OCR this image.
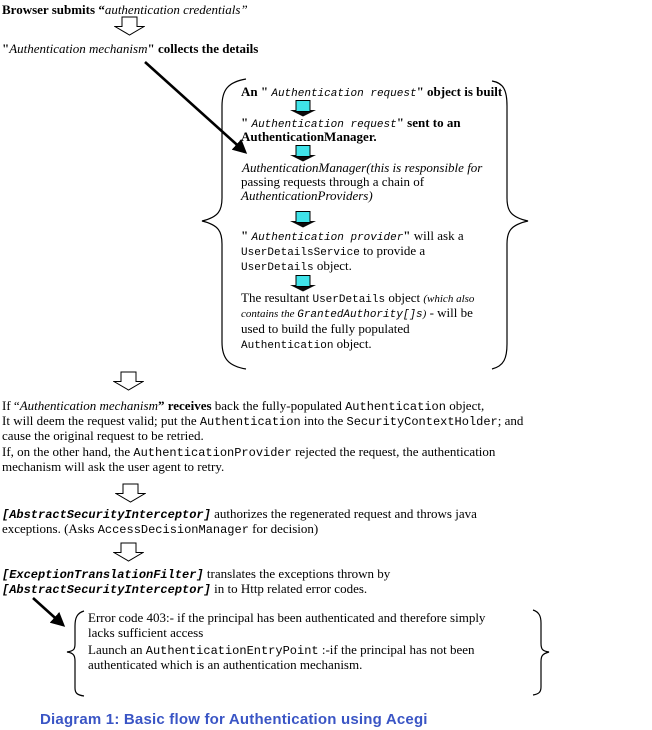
Browser submits “authentication credentials”
"Authentication mechanism" collects the details
An " Authentication request" object is built
" Authentication request" sent to an
AuthenticationManager.
AuthenticationManager(this is responsible for
passing requests through a chain of
AuthenticationProviders)
" Authentication provider" will ask a
UserDetailsService to provide a
UserDetails object.
The resultant UserDetails object (which also
contains the GrantedAuthority[]s) - will be
used to build the fully populated
Authentication object.
If “Authentication mechanism” receives back the fully-populated Authentication object,
It will deem the request valid; put the Authentication into the SecurityContextHolder; and
cause the original request to be retried.
If, on the other hand, the AuthenticationProvider rejected the request, the authentication
mechanism will ask the user agent to retry.
[AbstractSecurityInterceptor] authorizes the regenerated request and throws java
exceptions. (Asks AccessDecisionManager for decision)
[ExceptionTranslationFilter] translates the exceptions thrown by
[AbstractSecurityInterceptor] in to Http related error codes.
Error code 403:- if the principal has been authenticated and therefore simply
lacks sufficient access
Launch an AuthenticationEntryPoint :-if the principal has not been
authenticated which is an authentication mechanism.
Diagram 1: Basic flow for Authentication using Acegi
